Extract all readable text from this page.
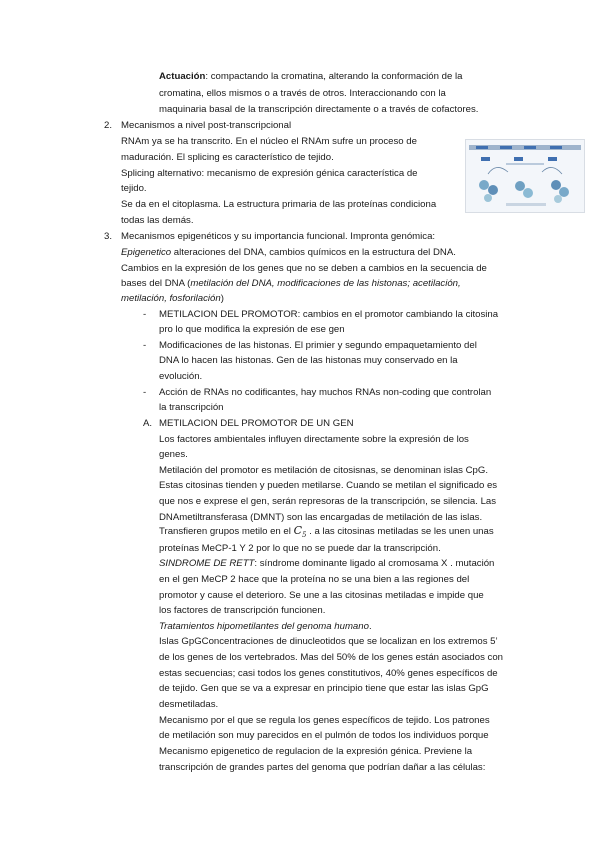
Actuación: compactando la cromatina, alterando la conformación de la
cromatina, ellos mismos o a través de otros. Interaccionando con la
maquinaria basal de la transcripción directamente o a través de cofactores.
2. Mecanismos a nivel post-transcripcional
RNAm ya se ha transcrito. En el núcleo el RNAm sufre un proceso de
maduración. El splicing es característico de tejido.
Splicing alternativo: mecanismo de expresión génica característica de
tejido.
Se da en el citoplasma. La estructura primaria de las proteínas condiciona
todas las demás.
3. Mecanismos epigenéticos y su importancia funcional. Impronta genómica:
Epigenetico alteraciones del DNA, cambios químicos en la estructura del DNA.
Cambios en la expresión de los genes que no se deben a cambios en la secuencia de
bases del DNA (metilación del DNA, modificaciones de las histonas; acetilación,
metilación, fosforilación)
- METILACION DEL PROMOTOR: cambios en el promotor cambiando la citosina
pro lo que modifica la expresión de ese gen
- Modificaciones de las histonas. El primier y segundo empaquetamiento del
DNA lo hacen las histonas. Gen de las histonas muy conservado en la
evolución.
- Acción de RNAs no codificantes, hay muchos RNAs non-coding que controlan
la transcripción
A. METILACION DEL PROMOTOR DE UN GEN
Los factores ambientales influyen directamente sobre la expresión de los
genes.
Metilación del promotor es metilación de citosisnas, se denominan islas CpG.
Estas citosinas tienden y pueden metilarse. Cuando se metilan el significado es
que nos e exprese el gen, serán represoras de la transcripción, se silencia. Las
DNAmetiltransferasa (DMNT) son las encargadas de metilación de las islas.
Transfieren grupos metilo en el $C_5$ . a las citosinas metiladas se les unen unas
proteínas MeCP-1 Y 2 por lo que no se puede dar la transcripción.
SINDROME DE RETT: síndrome dominante ligado al cromosama X . mutación
en el gen MeCP 2 hace que la proteína no se una bien a las regiones del
promotor y cause el deterioro. Se une a las citosinas metiladas e impide que
los factores de transcripción funcionen.
Tratamientos hipometilantes del genoma humano.
Islas GpGConcentraciones de dinucleotidos que se localizan en los extremos 5’
de los genes de los vertebrados. Mas del 50% de los genes están asociados con
estas secuencias; casi todos los genes constitutivos, 40% genes específicos de
de tejido. Gen que se va a expresar en principio tiene que estar las islas GpG
desmetiladas.
Mecanismo por el que se regula los genes específicos de tejido. Los patrones
de metilación son muy parecidos en el pulmón de todos los individuos porque
Mecanismo epigenetico de regulacion de la expresión génica. Previene la
transcripción de grandes partes del genoma que podrían dañar a las células:
